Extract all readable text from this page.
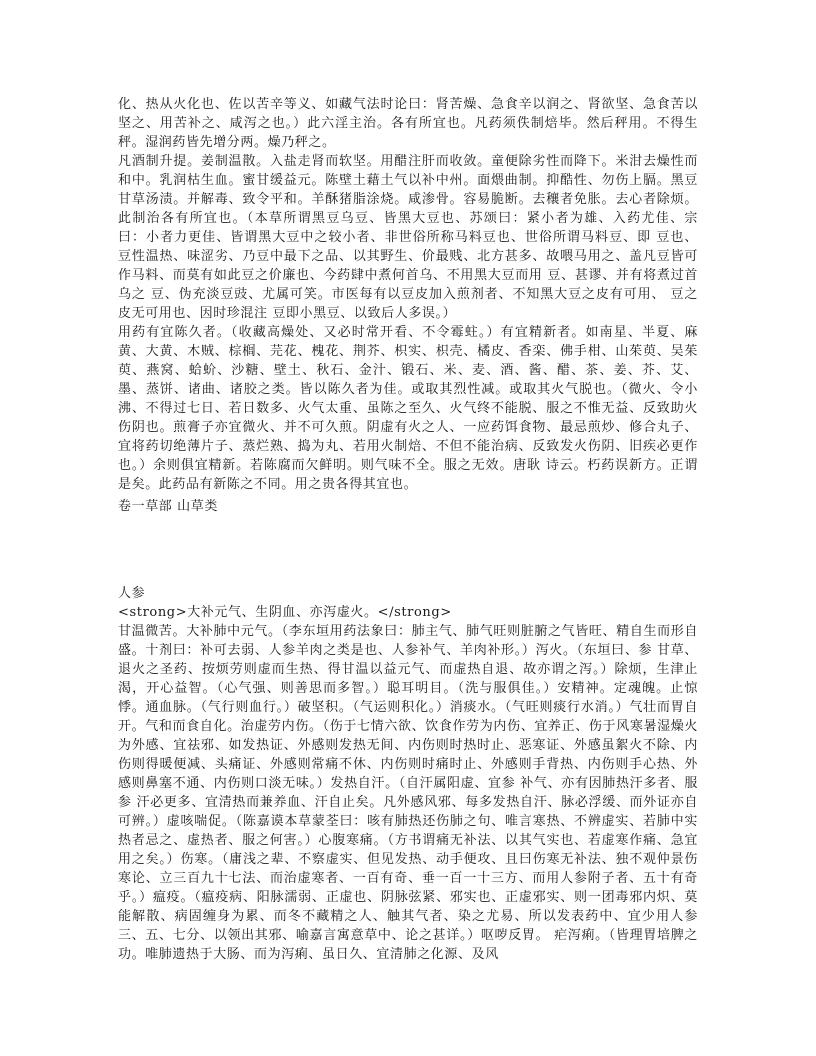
化、热从火化也、佐以苦辛等义、如藏气法时论曰：肾苦燥、急食辛以润之、肾欲坚、急食苦以坚之、用苦补之、咸泻之也。）此六淫主治。各有所宜也。凡药须佚制焙毕。然后秤用。不得生秤。湿润药皆先增分两。燥乃秤之。

凡酒制升提。姜制温散。入盐走肾而软坚。用醋注肝而收敛。童便除劣性而降下。米泔去燥性而和中。乳润枯生血。蜜甘缓益元。陈壁土藉土气以补中州。面煨曲制。抑酷性、勿伤上膈。黑豆甘草汤渍。并解毒、致令平和。羊酥猪脂涂烧。咸渗骨。容易脆断。去穰者免胀。去心者除烦。此制治各有所宜也。（本草所谓黑豆乌豆、皆黑大豆也、苏颂曰：紧小者为雄、入药尤佳、宗 曰：小者力更佳、皆谓黑大豆中之较小者、非世俗所称马料豆也、世俗所谓马料豆、即 豆也、 豆性温热、味涩劣、乃豆中最下之品、以其野生、价最贱、北方甚多、故喂马用之、盖凡豆皆可作马料、而莫有如此豆之价廉也、今药肆中煮何首乌、不用黑大豆而用 豆、甚谬、并有将煮过首乌之 豆、伪充淡豆豉、尤属可笑。市医每有以豆皮加入煎剂者、不知黑大豆之皮有可用、 豆之皮无可用也、因时珍混注 豆即小黑豆、以致后人多误。）

用药有宜陈久者。（收藏高燥处、又必时常开看、不令霉蛀。）有宜精新者。如南星、半夏、麻黄、大黄、木贼、棕榈、芫花、槐花、荆芥、枳实、枳壳、橘皮、香栾、佛手柑、山茱萸、吴茱萸、燕窝、蛤蚧、沙糖、壁土、秋石、金汁、锻石、米、麦、酒、酱、醋、茶、姜、芥、艾、墨、蒸饼、诸曲、诸胶之类。皆以陈久者为佳。或取其烈性减。或取其火气脱也。（微火、令小沸、不得过七日、若日数多、火气太重、虽陈之至久、火气终不能脱、服之不惟无益、反致助火伤阴也。煎膏子亦宜微火、并不可久煎。阴虚有火之人、一应药饵食物、最忌煎炒、修合丸子、宜将药切绝薄片子、蒸烂熟、捣为丸、若用火制焙、不但不能治病、反致发火伤阴、旧疾必更作也。）余则俱宜精新。若陈腐而欠鲜明。则气味不全。服之无效。唐耿 诗云。朽药误新方。正谓是矣。此药品有新陈之不同。用之贵各得其宜也。

卷一草部 山草类

人参

<strong>大补元气、生阴血、亦泻虚火。</strong>

甘温微苦。大补肺中元气。（李东垣用药法象曰：肺主气、肺气旺则脏腑之气皆旺、精自生而形自盛。十剂曰：补可去弱、人参羊肉之类是也、人参补气、羊肉补形。）泻火。（东垣曰、参 甘草、退火之圣药、按烦劳则虚而生热、得甘温以益元气、而虚热自退、故亦谓之泻。）除烦，生津止渴，开心益智。（心气强、则善思而多智。）聪耳明目。（洗与服俱佳。）安精神。定魂魄。止惊悸。通血脉。（气行则血行。）破坚积。（气运则积化。）消痰水。（气旺则痰行水消。）气壮而胃自开。气和而食自化。治虚劳内伤。（伤于七情六欲、饮食作劳为内伤、宜养正、伤于风寒暑湿燥火为外感、宜祛邪、如发热证、外感则发热无间、内伤则时热时止、恶寒证、外感虽絮火不除、内伤则得暖便减、头痛证、外感则常痛不休、内伤则时痛时止、外感则手背热、内伤则手心热、外感则鼻塞不通、内伤则口淡无味。）发热自汗。（自汗属阳虚、宜参 补气、亦有因肺热汗多者、服参 汗必更多、宜清热而兼养血、汗自止矣。凡外感风邪、每多发热自汗、脉必浮缓、而外证亦自可辨。）虚咳喘促。（陈嘉谟本草蒙荃曰：咳有肺热还伤肺之句、唯言寒热、不辨虚实、若肺中实热者忌之、虚热者、服之何害。）心腹寒痛。（方书谓痛无补法、以其气实也、若虚寒作痛、急宜用之矣。）伤寒。（庸浅之辈、不察虚实、但见发热、动手便攻、且曰伤寒无补法、独不观仲景伤寒论、立三百九十七法、而治虚寒者、一百有奇、垂一百一十三方、而用人参附子者、五十有奇乎。）瘟疫。（瘟疫病、阳脉濡弱、正虚也、阴脉弦紧、邪实也、正虚邪实、则一团毒邪内炽、莫能解散、病固缠身为累、而冬不藏精之人、触其气者、染之尤易、所以发表药中、宜少用人参三、五、七分、以领出其邪、喻嘉言寓意草中、论之甚详。）呕哕反胃。 疟泻痢。（皆理胃培脾之功。唯肺遗热于大肠、而为泻痢、虽日久、宜清肺之化源、及风
